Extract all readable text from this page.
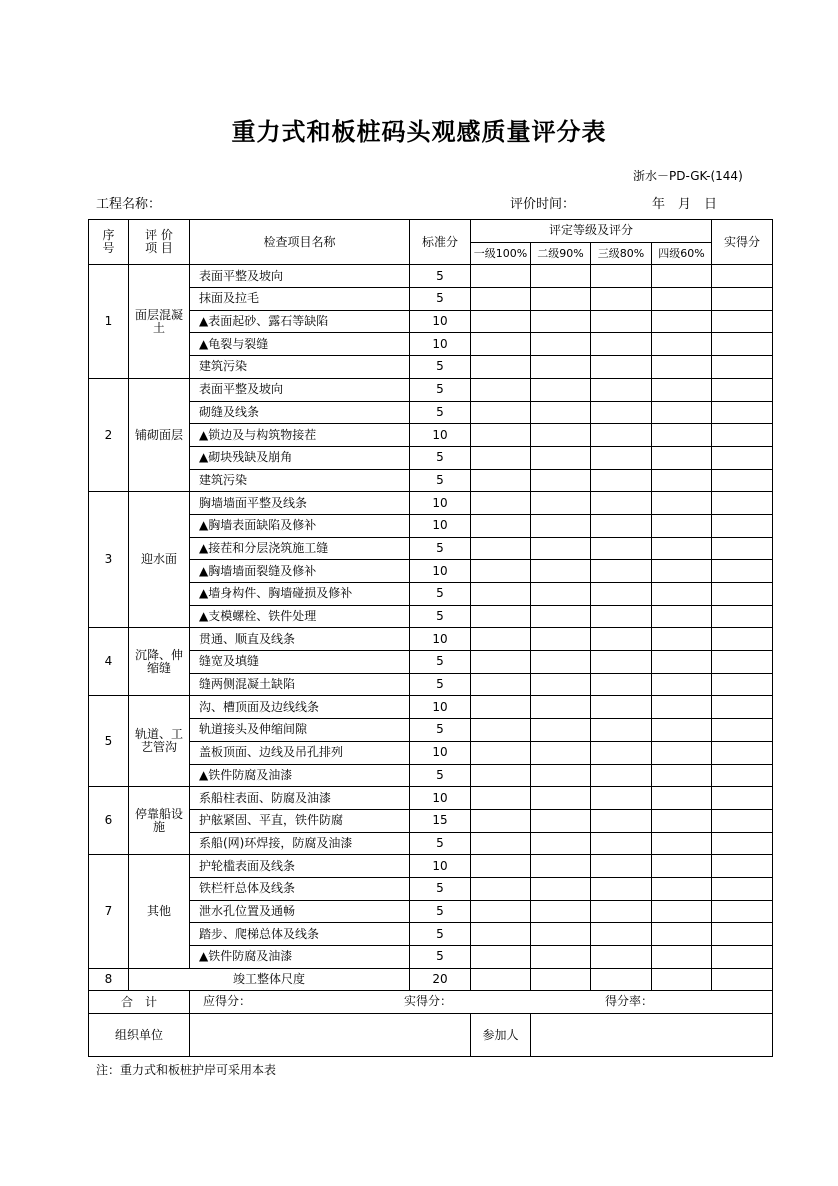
重力式和板桩码头观感质量评分表
浙水－PD-GK-(144)
工程名称：	评价时间：	年　月　日
序号	评 价 项 目	检查项目名称	标准分	评定等级及评分				实得分
				一级100%	二级90%	三级80%	四级60%	
1	面层混凝土	表面平整及坡向	5					
		抹面及拉毛	5					
		▲表面起砂、露石等缺陷	10					
		▲龟裂与裂缝	10					
		建筑污染	5					
2	铺砌面层	表面平整及坡向	5					
		砌缝及线条	5					
		▲锁边及与构筑物接茬	10					
		▲砌块残缺及崩角	5					
		建筑污染	5					
3	迎水面	胸墙墙面平整及线条	10					
		▲胸墙表面缺陷及修补	10					
		▲接茬和分层浇筑施工缝	5					
		▲胸墙墙面裂缝及修补	10					
		▲墙身构件、胸墙碰损及修补	5					
		▲支模螺栓、铁件处理	5					
4	沉降、伸缩缝	贯通、顺直及线条	10					
		缝宽及填缝	5					
		缝两侧混凝土缺陷	5					
5	轨道、工艺管沟	沟、槽顶面及边线线条	10					
		轨道接头及伸缩间隙	5					
		盖板顶面、边线及吊孔排列	10					
		▲铁件防腐及油漆	5					
6	停靠船设施	系船柱表面、防腐及油漆	10					
		护舷紧固、平直，铁件防腐	15					
		系船(网)环焊接，防腐及油漆	5					
7	其他	护轮槛表面及线条	10					
		铁栏杆总体及线条	5					
		泄水孔位置及通畅	5					
		踏步、爬梯总体及线条	5					
		▲铁件防腐及油漆	5					
8	竣工整体尺度		20					
合　计		应得分： 实得分： 得分率：						

组织单位				参加人				
注：重力式和板桩护岸可采用本表
